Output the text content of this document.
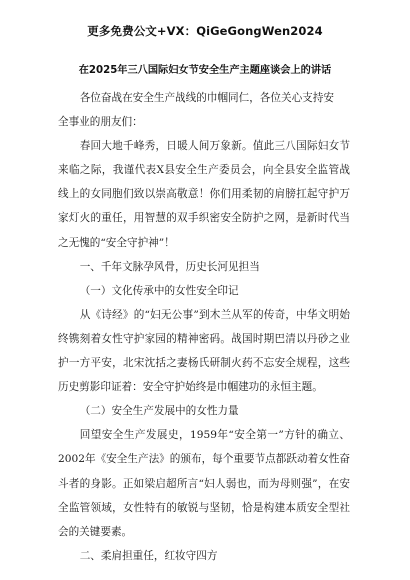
更多免费公文+VX：QiGeGongWen2024
在2025年三八国际妇女节安全生产主题座谈会上的讲话

各位奋战在安全生产战线的巾帼同仁，各位关心支持安

全事业的朋友们：

春回大地千峰秀，日暖人间万象新。值此三八国际妇女节来临之际，我谨代表X县安全生产委员会，向全县安全监管战线上的女同胞们致以崇高敬意！你们用柔韧的肩膀扛起守护万家灯火的重任，用智慧的双手织密安全防护之网，是新时代当之无愧的“安全守护神”！

一、千年文脉孕风骨，历史长河见担当

（一）文化传承中的女性安全印记

从《诗经》的“妇无公事”到木兰从军的传奇，中华文明始终镌刻着女性守护家园的精神密码。战国时期巴清以丹砂之业护一方平安，北宋沈括之妻杨氏研制火药不忘安全规程，这些历史剪影印证着：安全守护始终是巾帼建功的永恒主题。

（二）安全生产发展中的女性力量

回望安全生产发展史，1959年“安全第一”方针的确立、2002年《安全生产法》的颁布，每个重要节点都跃动着女性奋斗者的身影。正如梁启超所言“妇人弱也，而为母则强”，在安全监管领域，女性特有的敏锐与坚韧，恰是构建本质安全型社会的关键要素。

二、柔肩担重任，红妆守四方
